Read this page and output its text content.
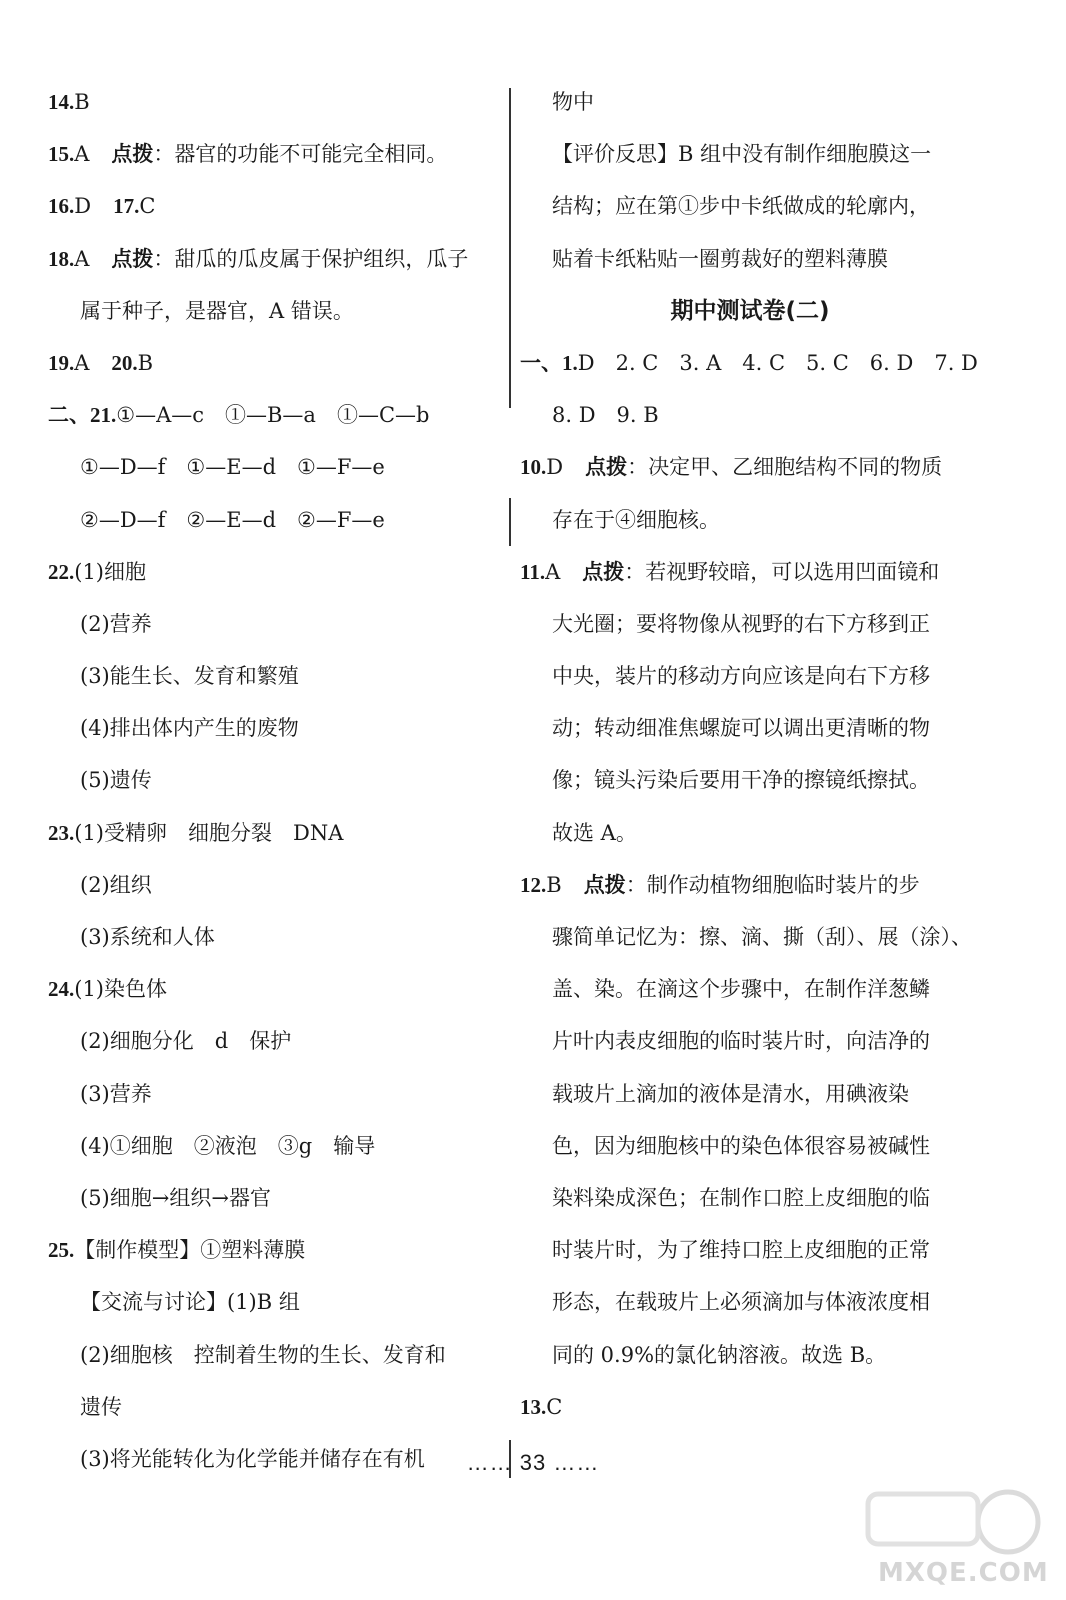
14.B
15.A 点拨：器官的功能不可能完全相同。
16.D 17.C
18.A 点拨：甜瓜的瓜皮属于保护组织，瓜子
属于种子，是器官，A 错误。
19.A 20.B
二、21.①—A—c　①—B—a　①—C—b
①—D—f　①—E—d　①—F—e
②—D—f　②—E—d　②—F—e
22.(1)细胞
(2)营养
(3)能生长、发育和繁殖
(4)排出体内产生的废物
(5)遗传
23.(1)受精卵　细胞分裂　DNA
(2)组织
(3)系统和人体
24.(1)染色体
(2)细胞分化　d　保护
(3)营养
(4)①细胞　②液泡　③g　输导
(5)细胞→组织→器官
25.【制作模型】①塑料薄膜
【交流与讨论】(1)B 组
(2)细胞核　控制着生物的生长、发育和
遗传
(3)将光能转化为化学能并储存在有机
物中
【评价反思】B 组中没有制作细胞膜这一
结构；应在第①步中卡纸做成的轮廓内，
贴着卡纸粘贴一圈剪裁好的塑料薄膜
期中测试卷(二)
一、1.D　2. C　3. A　4. C　5. C　6. D　7. D
8. D　9. B
10.D 点拨：决定甲、乙细胞结构不同的物质
存在于④细胞核。
11.A 点拨：若视野较暗，可以选用凹面镜和
大光圈；要将物像从视野的右下方移到正
中央，装片的移动方向应该是向右下方移
动；转动细准焦螺旋可以调出更清晰的物
像；镜头污染后要用干净的擦镜纸擦拭。
故选 A。
12.B 点拨：制作动植物细胞临时装片的步
骤简单记忆为：擦、滴、撕（刮）、展（涂）、
盖、染。在滴这个步骤中，在制作洋葱鳞
片叶内表皮细胞的临时装片时，向洁净的
载玻片上滴加的液体是清水，用碘液染
色，因为细胞核中的染色体很容易被碱性
染料染成深色；在制作口腔上皮细胞的临
时装片时，为了维持口腔上皮细胞的正常
形态，在载玻片上必须滴加与体液浓度相
同的 0.9%的氯化钠溶液。故选 B。
13.C
…… 33 ……
MXQE.COM
